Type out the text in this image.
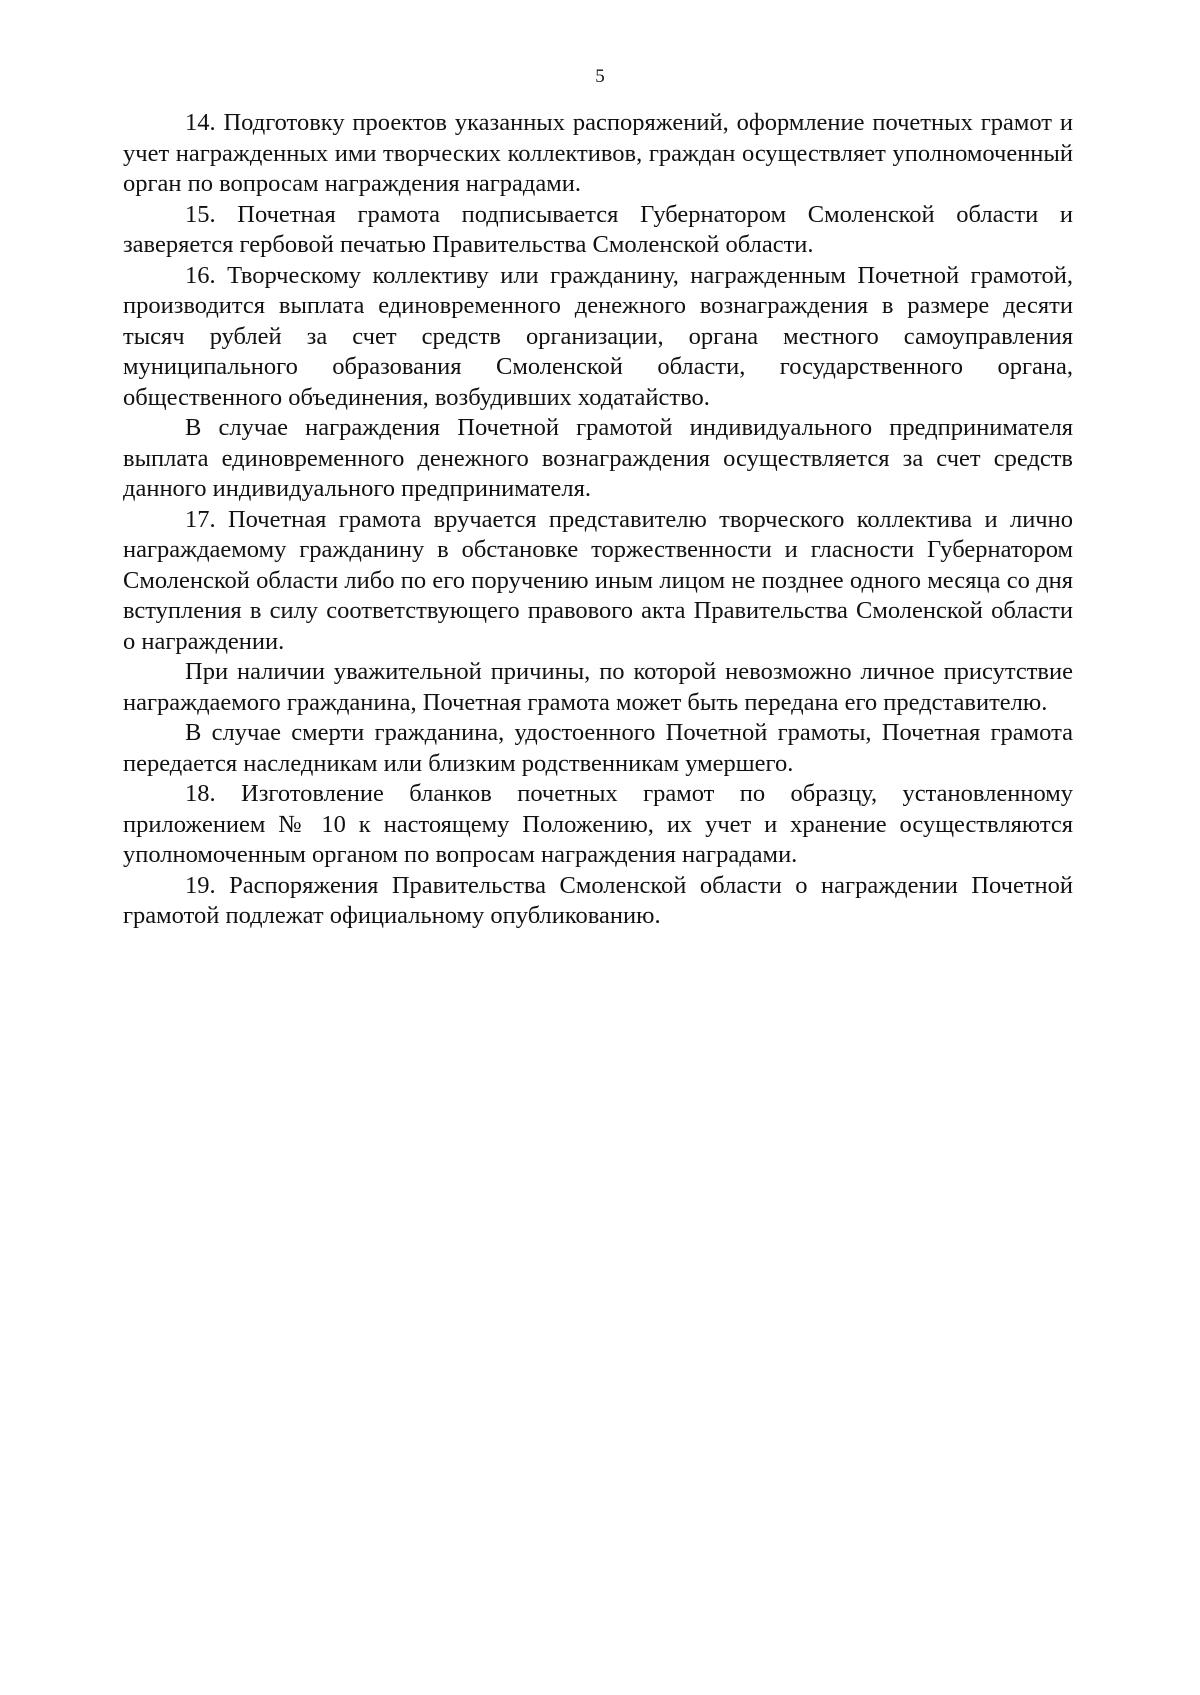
5

14. Подготовку проектов указанных распоряжений, оформление почетных грамот и учет награжденных ими творческих коллективов, граждан осуществляет уполномоченный орган по вопросам награждения наградами.

15. Почетная грамота подписывается Губернатором Смоленской области и заверяется гербовой печатью Правительства Смоленской области.

16. Творческому коллективу или гражданину, награжденным Почетной грамотой, производится выплата единовременного денежного вознаграждения в размере десяти тысяч рублей за счет средств организации, органа местного самоуправления муниципального образования Смоленской области, государственного органа, общественного объединения, возбудивших ходатайство.

В случае награждения Почетной грамотой индивидуального предпринимателя выплата единовременного денежного вознаграждения осуществляется за счет средств данного индивидуального предпринимателя.

17. Почетная грамота вручается представителю творческого коллектива и лично награждаемому гражданину в обстановке торжественности и гласности Губернатором Смоленской области либо по его поручению иным лицом не позднее одного месяца со дня вступления в силу соответствующего правового акта Правительства Смоленской области о награждении.

При наличии уважительной причины, по которой невозможно личное присутствие награждаемого гражданина, Почетная грамота может быть передана его представителю.

В случае смерти гражданина, удостоенного Почетной грамоты, Почетная грамота передается наследникам или близким родственникам умершего.

18. Изготовление бланков почетных грамот по образцу, установленному приложением № 10 к настоящему Положению, их учет и хранение осуществляются уполномоченным органом по вопросам награждения наградами.

19. Распоряжения Правительства Смоленской области о награждении Почетной грамотой подлежат официальному опубликованию.
